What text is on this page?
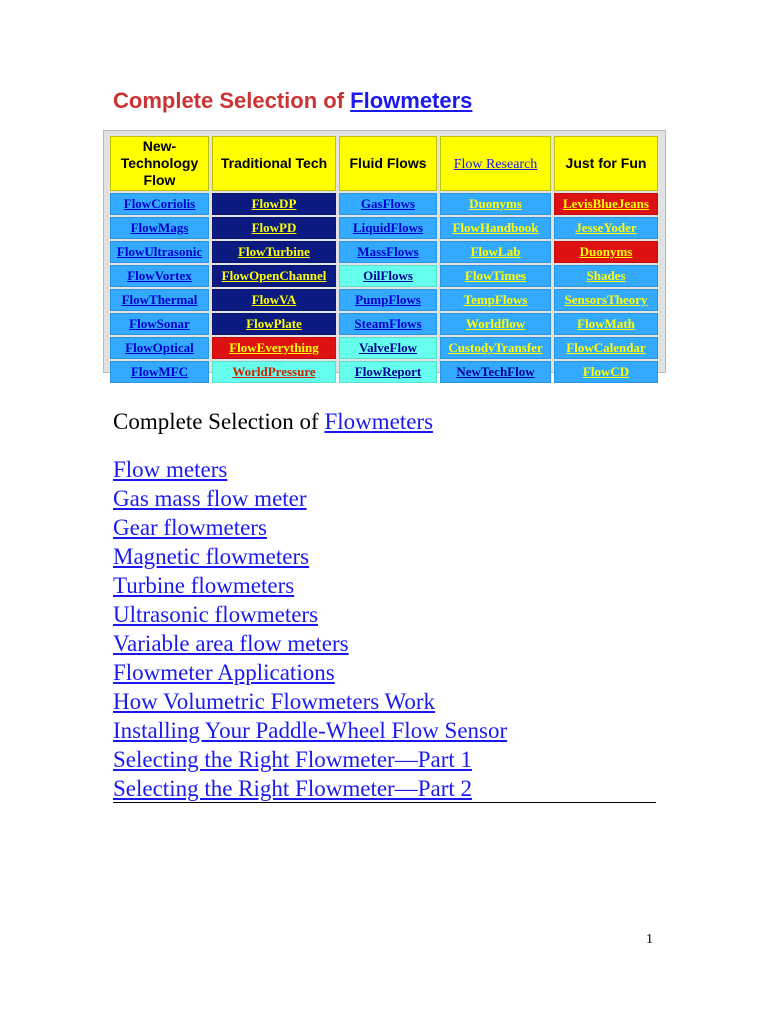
Complete Selection of Flowmeters
New-
Technology
Flow	Traditional Tech	Fluid Flows	Flow Research	Just for Fun
FlowCoriolis	FlowDP	GasFlows	Duonyms	LevisBlueJeans
FlowMags	FlowPD	LiquidFlows	FlowHandbook	JesseYoder
FlowUltrasonic	FlowTurbine	MassFlows	FlowLab	Duonyms
FlowVortex	FlowOpenChannel	OilFlows	FlowTimes	Shades
FlowThermal	FlowVA	PumpFlows	TempFlows	SensorsTheory
FlowSonar	FlowPlate	SteamFlows	Worldflow	FlowMath
FlowOptical	FlowEverything	ValveFlow	CustodyTransfer	FlowCalendar
FlowMFC	WorldPressure	FlowReport	NewTechFlow	FlowCD
Complete Selection of Flowmeters
Flow meters
Gas mass flow meter
Gear flowmeters
Magnetic flowmeters
Turbine flowmeters
Ultrasonic flowmeters
Variable area flow meters
Flowmeter Applications
How Volumetric Flowmeters Work
Installing Your Paddle-Wheel Flow Sensor
Selecting the Right Flowmeter—Part 1
Selecting the Right Flowmeter—Part 2
1
